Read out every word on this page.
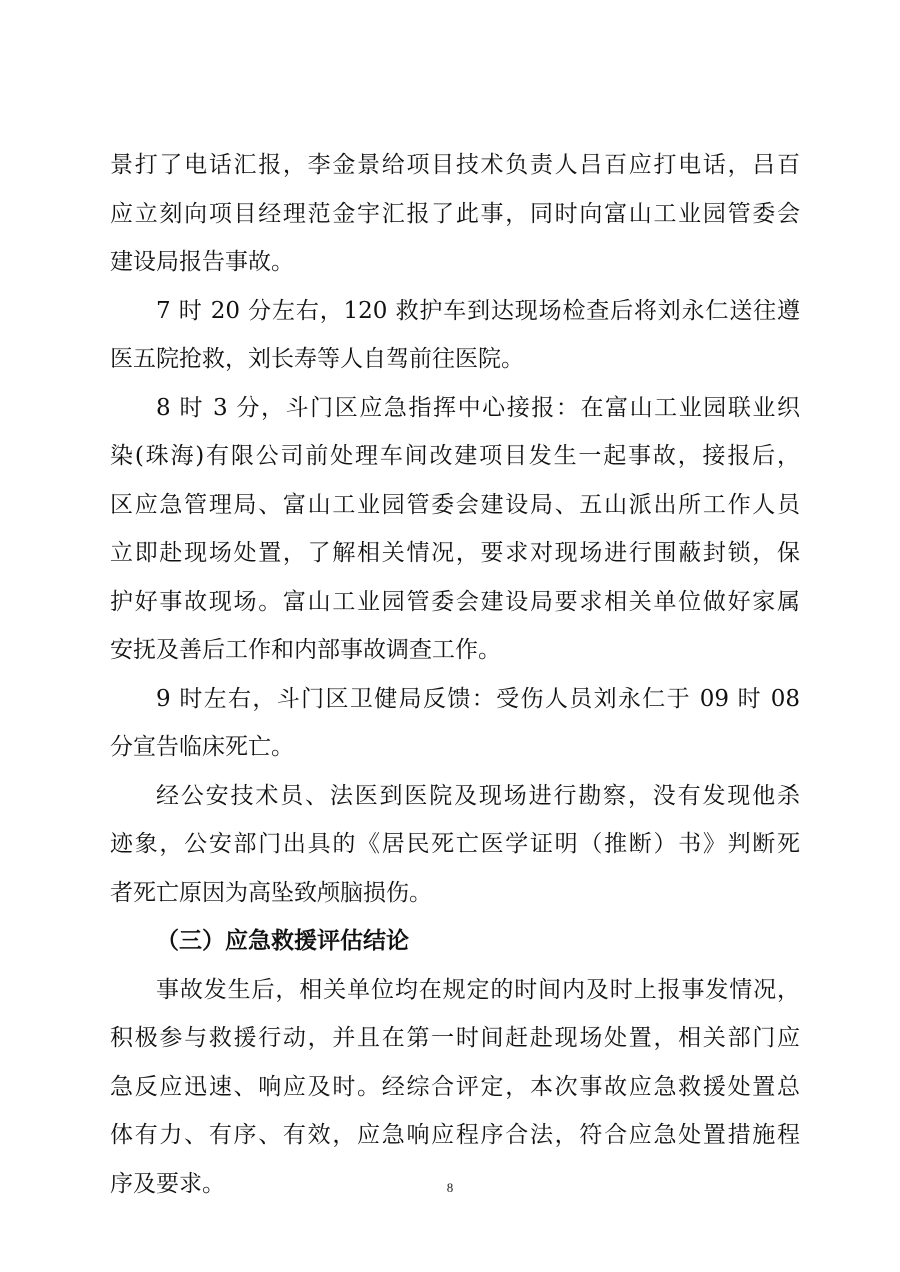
景打了电话汇报，李金景给项目技术负责人吕百应打电话，吕百
应立刻向项目经理范金宇汇报了此事，同时向富山工业园管委会
建设局报告事故。
7 时 20 分左右，120 救护车到达现场检查后将刘永仁送往遵
医五院抢救，刘长寿等人自驾前往医院。
8 时 3 分，斗门区应急指挥中心接报：在富山工业园联业织
染(珠海)有限公司前处理车间改建项目发生一起事故，接报后，
区应急管理局、富山工业园管委会建设局、五山派出所工作人员
立即赴现场处置，了解相关情况，要求对现场进行围蔽封锁，保
护好事故现场。富山工业园管委会建设局要求相关单位做好家属
安抚及善后工作和内部事故调查工作。
9 时左右，斗门区卫健局反馈：受伤人员刘永仁于 09 时 08
分宣告临床死亡。
经公安技术员、法医到医院及现场进行勘察，没有发现他杀
迹象，公安部门出具的《居民死亡医学证明（推断）书》判断死
者死亡原因为高坠致颅脑损伤。
（三）应急救援评估结论
事故发生后，相关单位均在规定的时间内及时上报事发情况，
积极参与救援行动，并且在第一时间赶赴现场处置，相关部门应
急反应迅速、响应及时。经综合评定，本次事故应急救援处置总
体有力、有序、有效，应急响应程序合法，符合应急处置措施程
序及要求。	8
